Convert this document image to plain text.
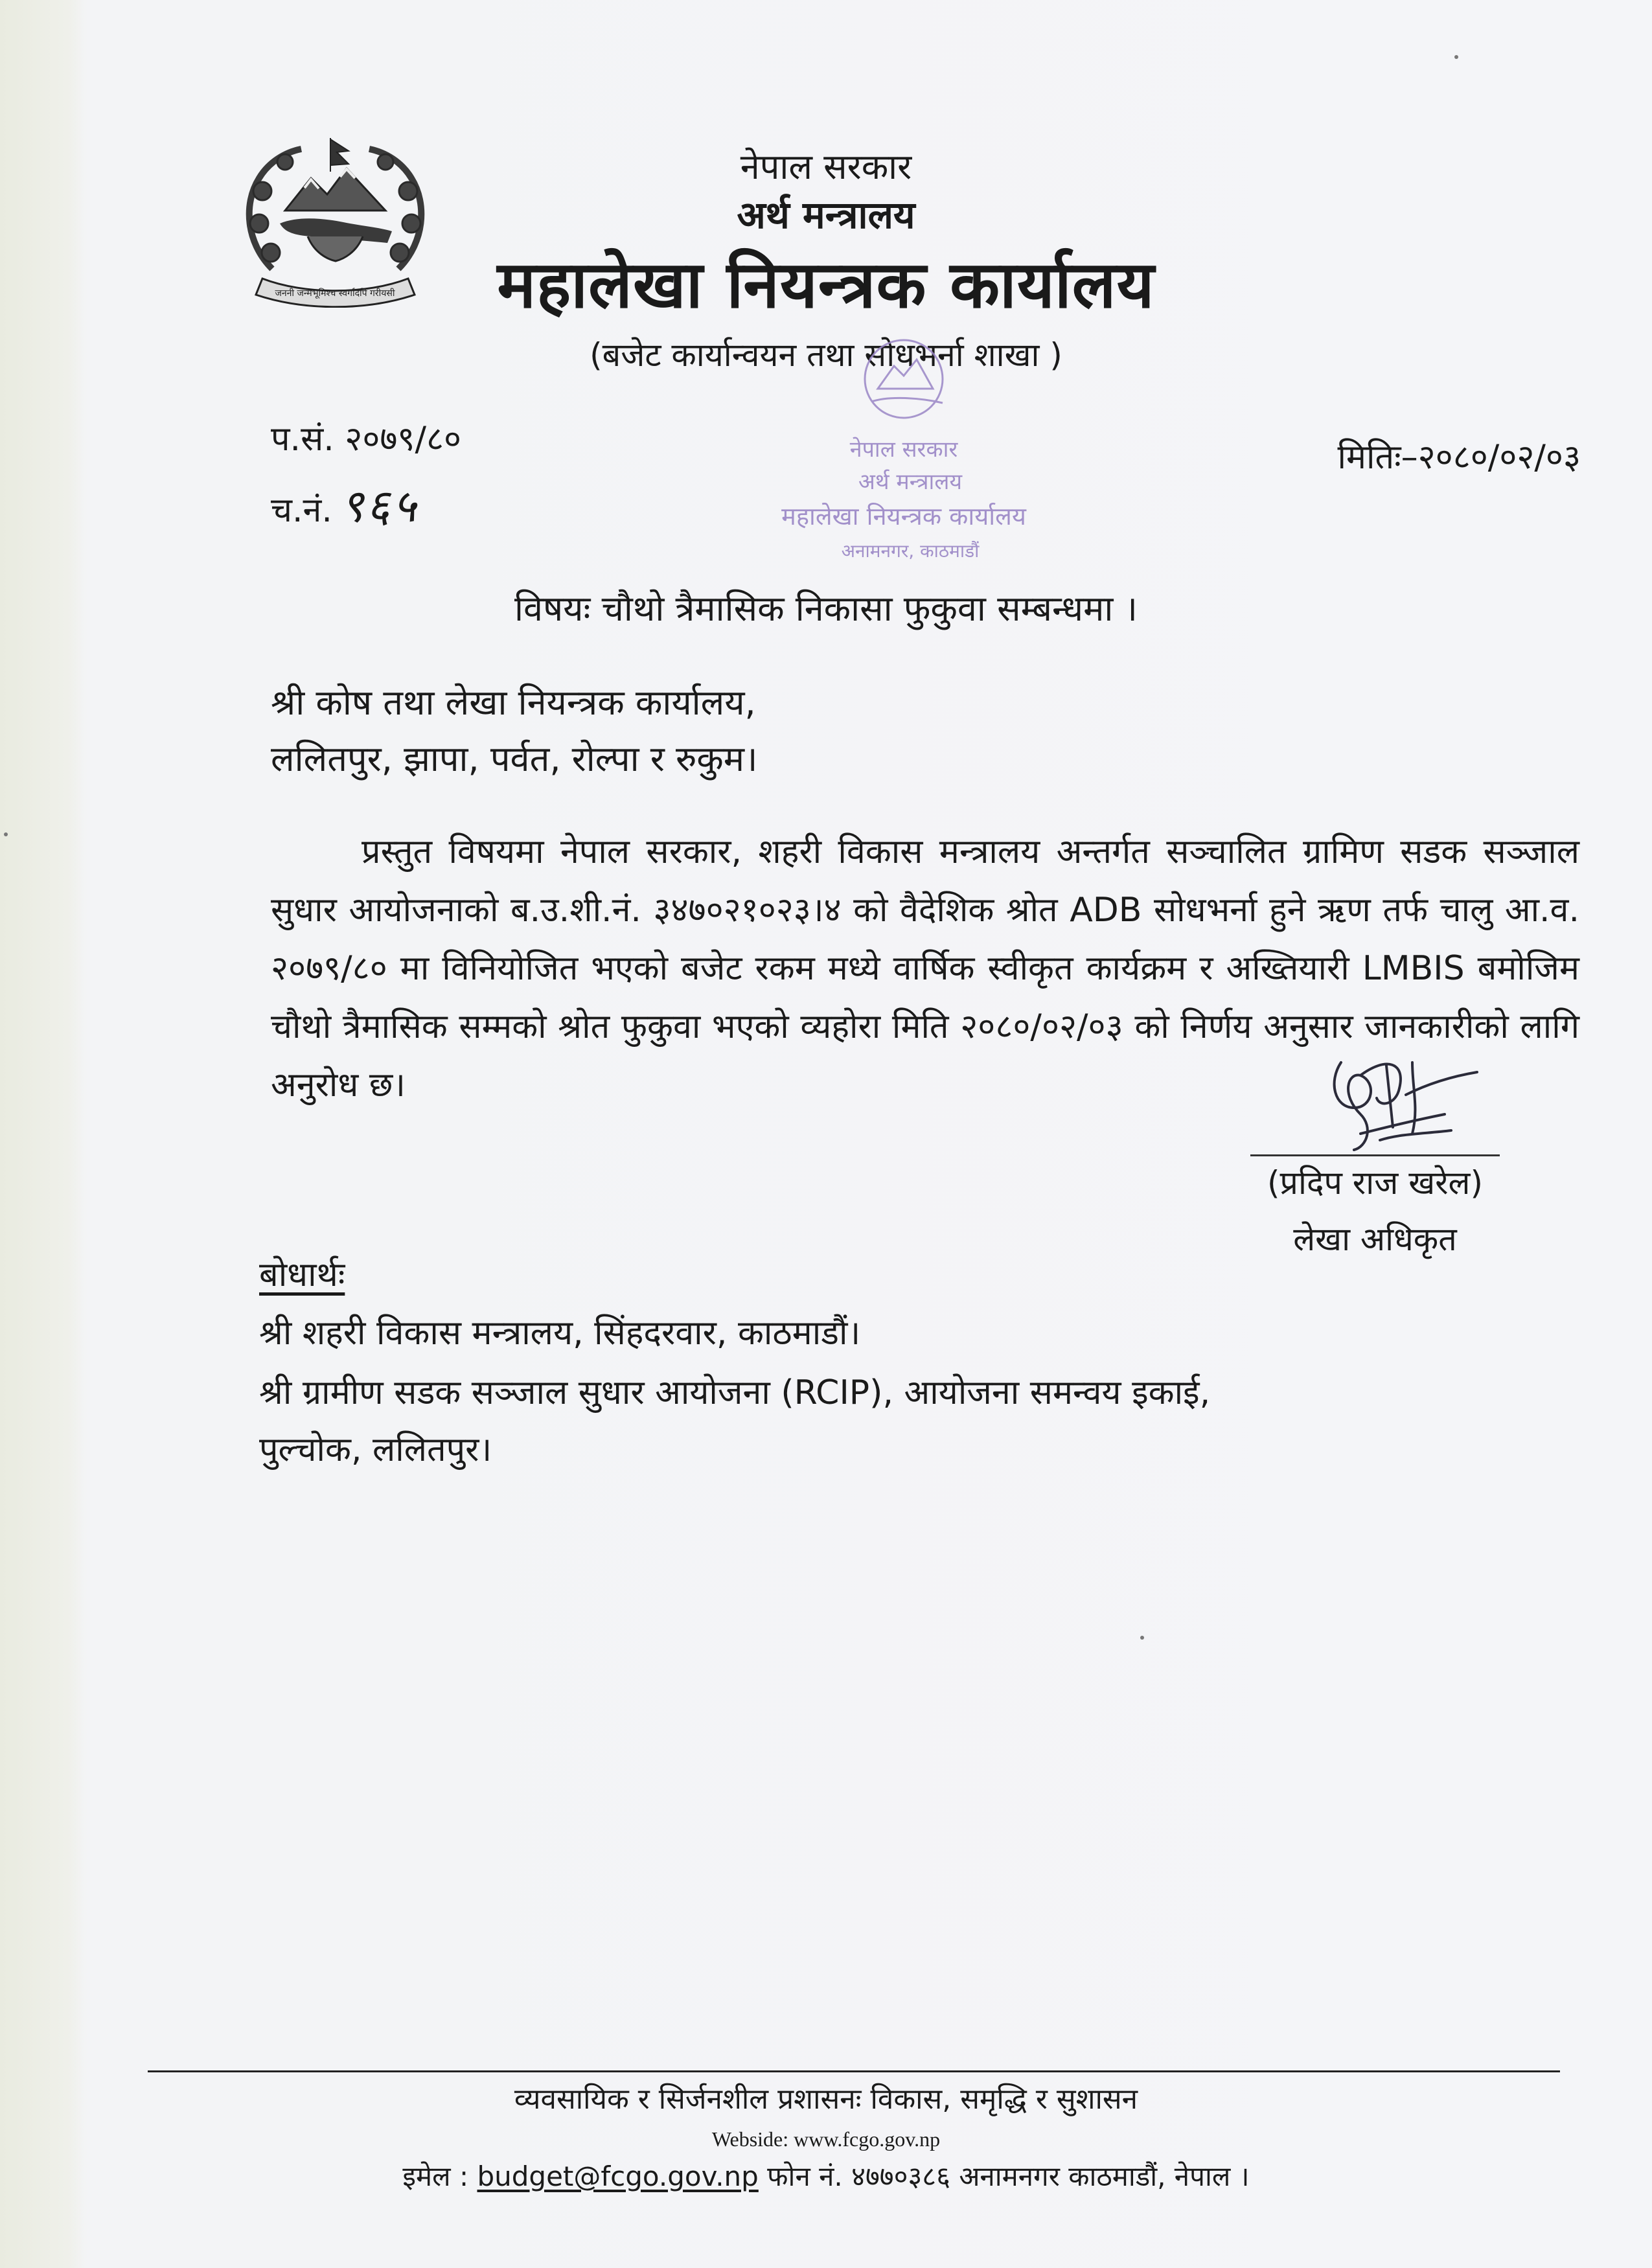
जननी जन्मभूमिश्च स्वर्गादपि गरीयसी
नेपाल सरकार
अर्थ मन्त्रालय
महालेखा नियन्त्रक कार्यालय
(बजेट कार्यान्वयन तथा सोधभर्ना शाखा )
नेपाल सरकार
अर्थ मन्त्रालय
महालेखा नियन्त्रक कार्यालय
अनामनगर, काठमाडौं
प.सं. २०७९/८०
च.नं. ९६५
मितिः–२०८०/०२/०३
विषयः चौथो त्रैमासिक निकासा फुकुवा सम्बन्धमा ।
श्री कोष तथा लेखा नियन्त्रक कार्यालय,
ललितपुर, झापा, पर्वत, रोल्पा र रुकुम।
प्रस्तुत विषयमा नेपाल सरकार, शहरी विकास मन्त्रालय अन्तर्गत सञ्चालित ग्रामिण सडक सञ्जाल सुधार आयोजनाको ब.उ.शी.नं. ३४७०२१०२३।४ को वैदेशिक श्रोत ADB सोधभर्ना हुने ऋण तर्फ चालु आ.व. २०७९/८० मा विनियोजित भएको बजेट रकम मध्ये वार्षिक स्वीकृत कार्यक्रम र अख्तियारी LMBIS बमोजिम चौथो त्रैमासिक सम्मको श्रोत फुकुवा भएको व्यहोरा मिति २०८०/०२/०३ को निर्णय अनुसार जानकारीको लागि अनुरोध छ।
(प्रदिप राज खरेल)
लेखा अधिकृत
बोधार्थः
श्री शहरी विकास मन्त्रालय, सिंहदरवार, काठमाडौं।
श्री ग्रामीण सडक सञ्जाल सुधार आयोजना (RCIP), आयोजना समन्वय इकाई,
पुल्चोक, ललितपुर।
व्यवसायिक र सिर्जनशील प्रशासनः विकास, समृद्धि र सुशासन
Webside: www.fcgo.gov.np
इमेल : budget@fcgo.gov.np फोन नं. ४७७०३८६ अनामनगर काठमाडौं, नेपाल ।
